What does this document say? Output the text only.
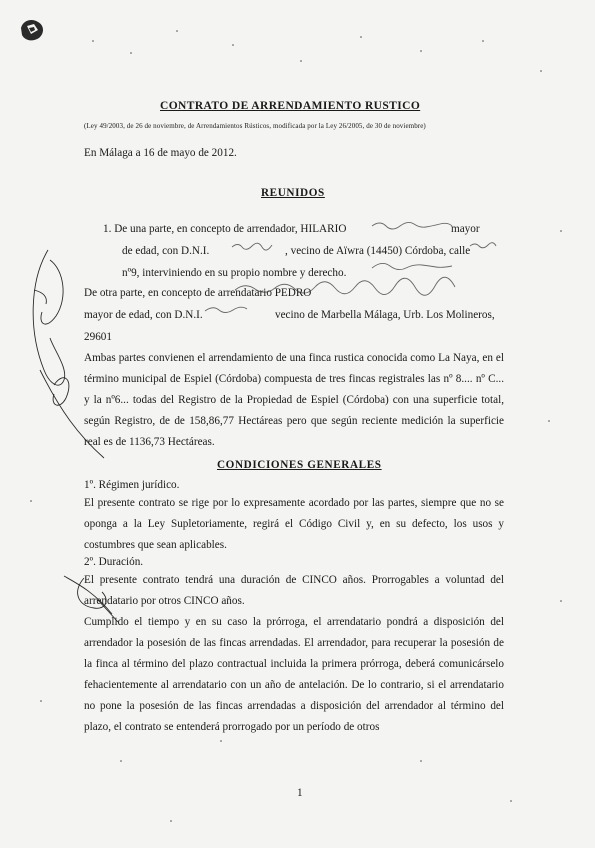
CONTRATO DE ARRENDAMIENTO RUSTICO
(Ley 49/2003, de 26 de noviembre, de Arrendamientos Rústicos, modificada por la Ley 26/2005, de 30 de noviembre)
En Málaga a 16 de mayo de 2012.
REUNIDOS
1. De una parte, en concepto de arrendador, HILARIO	mayor
de edad, con D.N.I.	, vecino de Aïwra (14450) Córdoba, calle
nº9, interviniendo en su propio nombre y derecho.
De otra parte, en concepto de arrendatario PEDRO
mayor de edad, con D.N.I.	vecino de Marbella Málaga, Urb. Los Molineros,
29601
Ambas partes convienen el arrendamiento de una finca rustica conocida como La Naya, en el término municipal de Espiel (Córdoba) compuesta de tres fincas registrales las nº 8.... nº C... y la nº6... todas del Registro de la Propiedad de Espiel (Córdoba) con una superficie total, según Registro, de de 158,86,77 Hectáreas pero que según reciente medición la superficie real es de 1136,73 Hectáreas.
CONDICIONES GENERALES
1º. Régimen jurídico.
El presente contrato se rige por lo expresamente acordado por las partes, siempre que no se oponga a la Ley Supletoriamente, regirá el Código Civil y, en su defecto, los usos y costumbres que sean aplicables.
2º. Duración.
El presente contrato tendrá una duración de CINCO años. Prorrogables a voluntad del arrendatario por otros CINCO años.
Cumplido el tiempo y en su caso la prórroga, el arrendatario pondrá a disposición del arrendador la posesión de las fincas arrendadas. El arrendador, para recuperar la posesión de la finca al término del plazo contractual incluida la primera prórroga, deberá comunicárselo fehacientemente al arrendatario con un año de antelación. De lo contrario, si el arrendatario no pone la posesión de las fincas arrendadas a disposición del arrendador al término del plazo, el contrato se entenderá prorrogado por un período de otros
1
